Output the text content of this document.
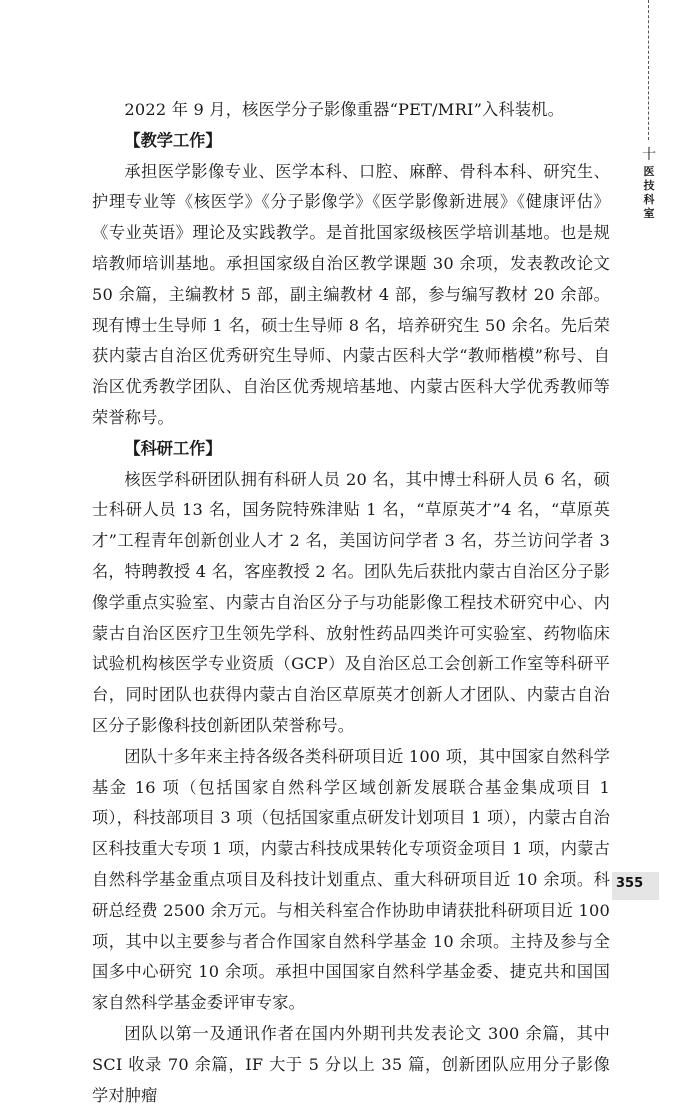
十
医
技
科
室

2022 年 9 月，核医学分子影像重器“PET/MRI”入科装机。

【教学工作】

承担医学影像专业、医学本科、口腔、麻醉、骨科本科、研究生、护理专业等《核医学》《分子影像学》《医学影像新进展》《健康评估》《专业英语》理论及实践教学。是首批国家级核医学培训基地。也是规培教师培训基地。承担国家级自治区教学课题 30 余项，发表教改论文 50 余篇，主编教材 5 部，副主编教材 4 部，参与编写教材 20 余部。现有博士生导师 1 名，硕士生导师 8 名，培养研究生 50 余名。先后荣获内蒙古自治区优秀研究生导师、内蒙古医科大学“教师楷模”称号、自治区优秀教学团队、自治区优秀规培基地、内蒙古医科大学优秀教师等荣誉称号。

【科研工作】

核医学科研团队拥有科研人员 20 名，其中博士科研人员 6 名，硕士科研人员 13 名，国务院特殊津贴 1 名，“草原英才”4 名，“草原英才”工程青年创新创业人才 2 名，美国访问学者 3 名，芬兰访问学者 3 名，特聘教授 4 名，客座教授 2 名。团队先后获批内蒙古自治区分子影像学重点实验室、内蒙古自治区分子与功能影像工程技术研究中心、内蒙古自治区医疗卫生领先学科、放射性药品四类许可实验室、药物临床试验机构核医学专业资质（GCP）及自治区总工会创新工作室等科研平台，同时团队也获得内蒙古自治区草原英才创新人才团队、内蒙古自治区分子影像科技创新团队荣誉称号。

团队十多年来主持各级各类科研项目近 100 项，其中国家自然科学基金 16 项（包括国家自然科学区域创新发展联合基金集成项目 1 项），科技部项目 3 项（包括国家重点研发计划项目 1 项），内蒙古自治区科技重大专项 1 项，内蒙古科技成果转化专项资金项目 1 项，内蒙古自然科学基金重点项目及科技计划重点、重大科研项目近 10 余项。科研总经费 2500 余万元。与相关科室合作协助申请获批科研项目近 100 项，其中以主要参与者合作国家自然科学基金 10 余项。主持及参与全国多中心研究 10 余项。承担中国国家自然科学基金委、捷克共和国国家自然科学基金委评审专家。

团队以第一及通讯作者在国内外期刊共发表论文 300 余篇，其中 SCI 收录 70 余篇，IF 大于 5 分以上 35 篇，创新团队应用分子影像学对肿瘤

355
